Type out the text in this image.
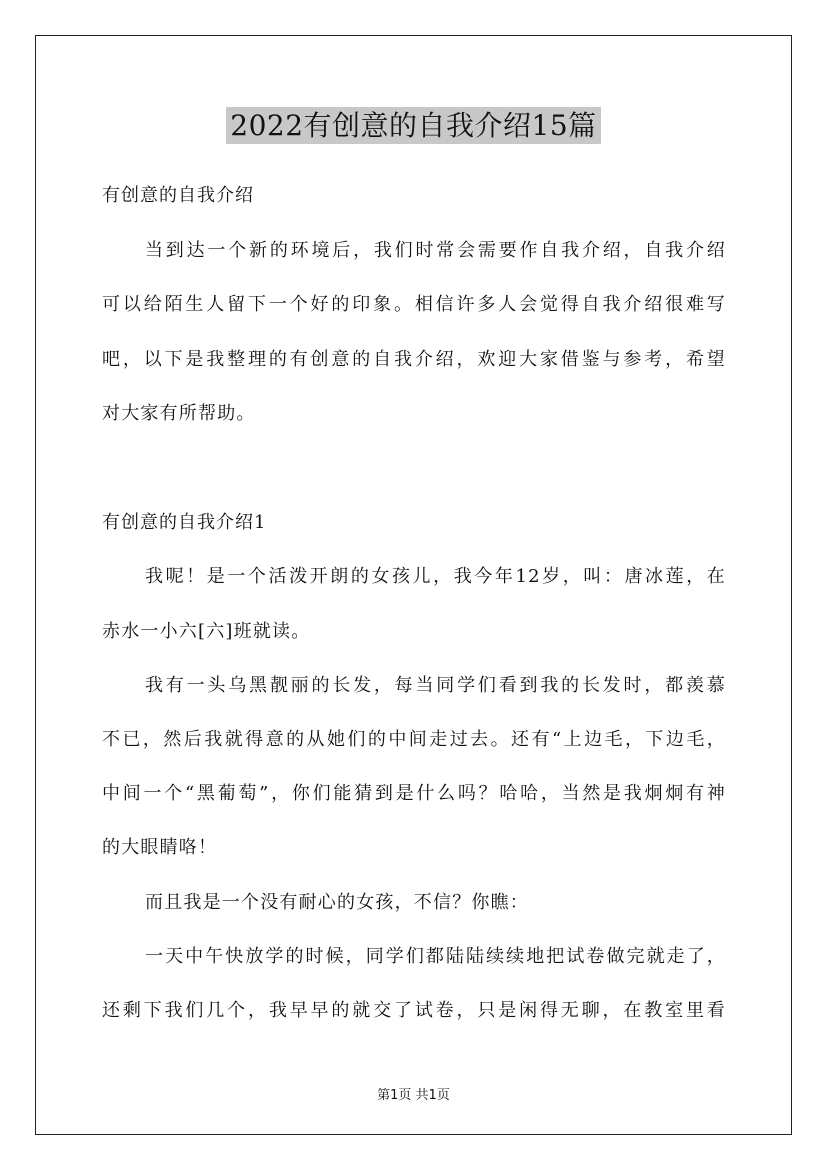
2022有创意的自我介绍15篇
有创意的自我介绍
当到达一个新的环境后，我们时常会需要作自我介绍，自我介绍
可以给陌生人留下一个好的印象。相信许多人会觉得自我介绍很难写
吧，以下是我整理的有创意的自我介绍，欢迎大家借鉴与参考，希望
对大家有所帮助。
有创意的自我介绍1
我呢！是一个活泼开朗的女孩儿，我今年12岁，叫：唐冰莲，在
赤水一小六[六]班就读。
我有一头乌黑靓丽的长发，每当同学们看到我的长发时，都羡慕
不已，然后我就得意的从她们的中间走过去。还有“上边毛，下边毛，
中间一个“黑葡萄”，你们能猜到是什么吗？哈哈，当然是我炯炯有神
的大眼睛咯！
而且我是一个没有耐心的女孩，不信？你瞧：
一天中午快放学的时候，同学们都陆陆续续地把试卷做完就走了，
还剩下我们几个，我早早的就交了试卷，只是闲得无聊，在教室里看
第1页 共1页
